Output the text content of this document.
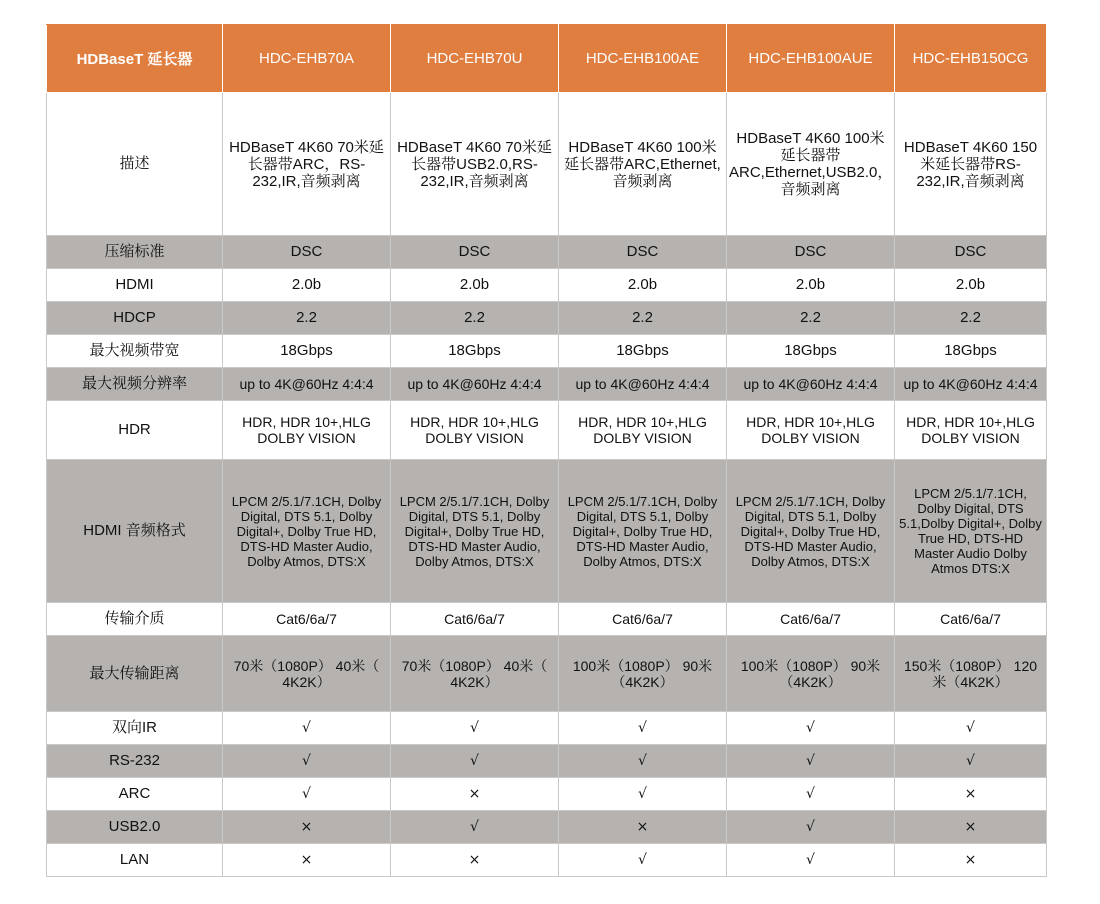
HDBaseT 延长器	HDC-EHB70A	HDC-EHB70U	HDC-EHB100AE	HDC-EHB100AUE	HDC-EHB150CG
描述	HDBaseT 4K60 70米延长器带ARC，RS-232,IR,音频剥离	HDBaseT 4K60 70米延长器带USB2.0,RS-232,IR,音频剥离	HDBaseT 4K60 100米延长器带ARC,Ethernet,音频剥离	HDBaseT 4K60 100米延长器带ARC,Ethernet,USB2.0，音频剥离	HDBaseT 4K60 150米延长器带RS-232,IR,音频剥离
压缩标准	DSC	DSC	DSC	DSC	DSC
HDMI	2.0b	2.0b	2.0b	2.0b	2.0b
HDCP	2.2	2.2	2.2	2.2	2.2
最大视频带宽	18Gbps	18Gbps	18Gbps	18Gbps	18Gbps
最大视频分辨率	up to 4K@60Hz 4:4:4	up to 4K@60Hz 4:4:4	up to 4K@60Hz 4:4:4	up to 4K@60Hz 4:4:4	up to 4K@60Hz 4:4:4
HDR	HDR, HDR 10+,HLG DOLBY VISION	HDR, HDR 10+,HLG DOLBY VISION	HDR, HDR 10+,HLG DOLBY VISION	HDR, HDR 10+,HLG DOLBY VISION	HDR, HDR 10+,HLG DOLBY VISION
HDMI 音频格式	LPCM 2/5.1/7.1CH, Dolby Digital, DTS 5.1, Dolby Digital+, Dolby True HD, DTS-HD Master Audio, Dolby Atmos, DTS:X	LPCM 2/5.1/7.1CH, Dolby Digital, DTS 5.1, Dolby Digital+, Dolby True HD, DTS-HD Master Audio, Dolby Atmos, DTS:X	LPCM 2/5.1/7.1CH, Dolby Digital, DTS 5.1, Dolby Digital+, Dolby True HD, DTS-HD Master Audio, Dolby Atmos, DTS:X	LPCM 2/5.1/7.1CH, Dolby Digital, DTS 5.1, Dolby Digital+, Dolby True HD, DTS-HD Master Audio, Dolby Atmos, DTS:X	LPCM 2/5.1/7.1CH, Dolby Digital, DTS 5.1,Dolby Digital+, Dolby True HD, DTS-HD Master Audio Dolby Atmos DTS:X
传输介质	Cat6/6a/7	Cat6/6a/7	Cat6/6a/7	Cat6/6a/7	Cat6/6a/7
最大传输距离	70米（1080P） 40米（ 4K2K）	70米（1080P） 40米（ 4K2K）	100米（1080P） 90米（4K2K）	100米（1080P） 90米（4K2K）	150米（1080P） 120米（4K2K）
双向IR	√	√	√	√	√
RS-232	√	√	√	√	√
ARC	√	×	√	√	×
USB2.0	×	√	×	√	×
LAN	×	×	√	√	×
